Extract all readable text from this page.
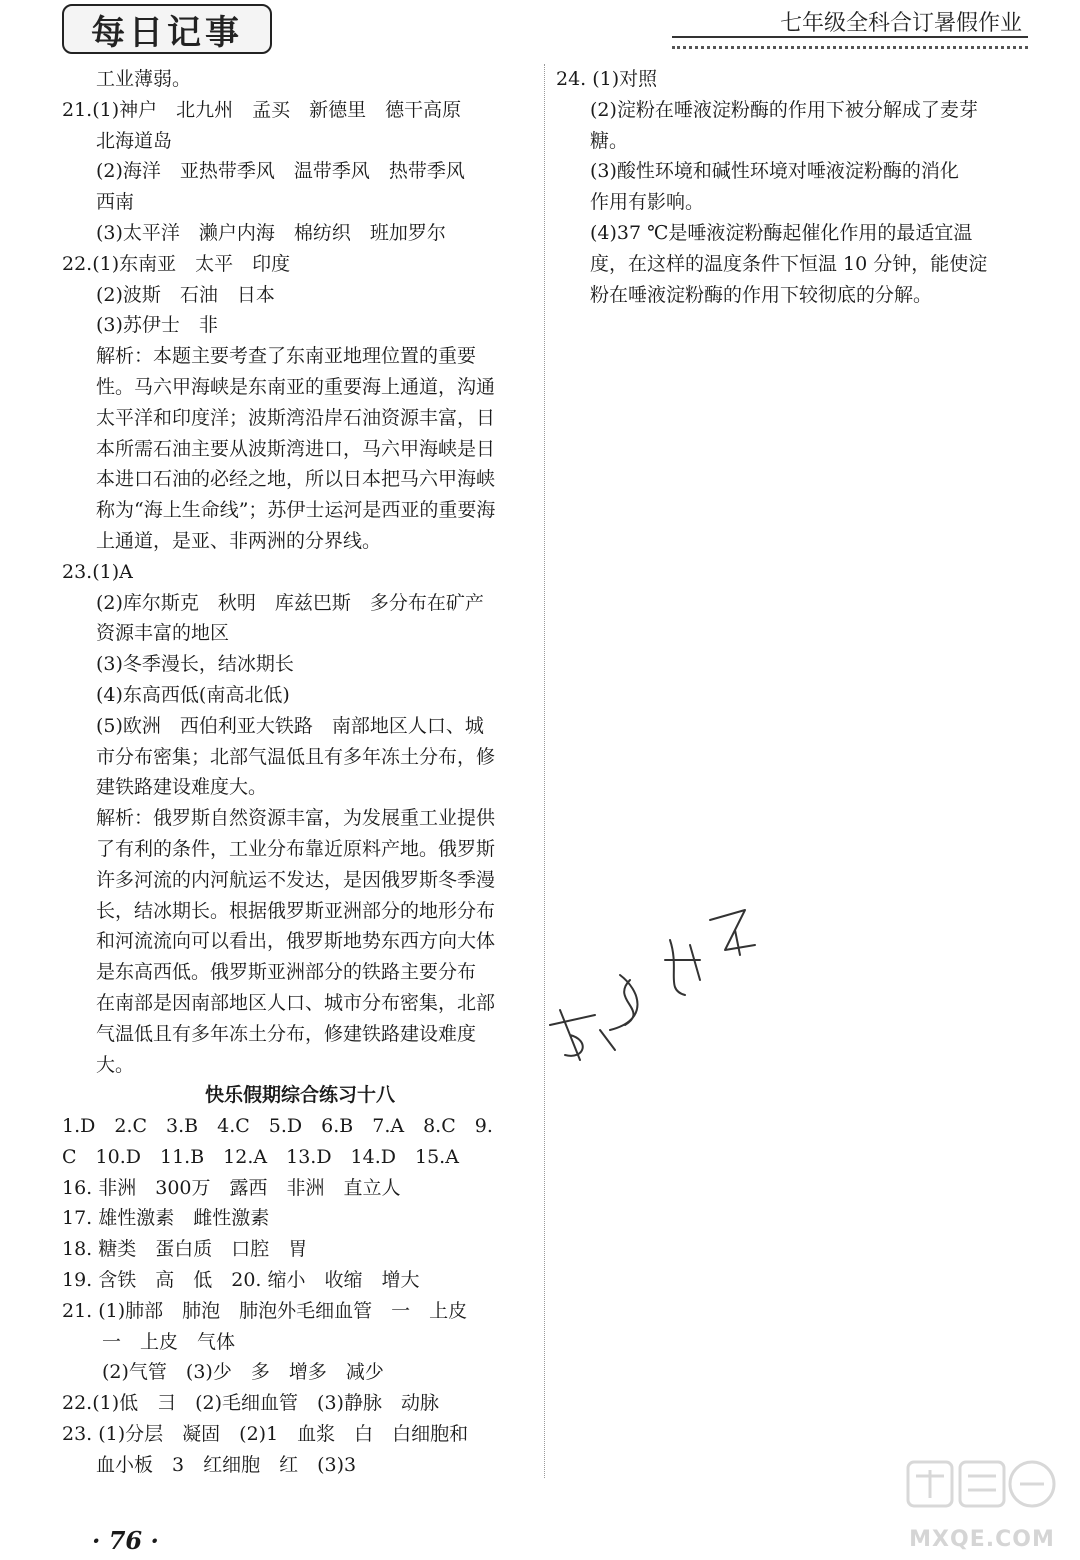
每日记事	七年级全科合订暑假作业
工业薄弱。
21.(1)神户　北九州　孟买　新德里　德干高原
北海道岛
(2)海洋　亚热带季风　温带季风　热带季风
西南
(3)太平洋　濑户内海　棉纺织　班加罗尔
22.(1)东南亚　太平　印度
(2)波斯　石油　日本
(3)苏伊士　非
解析：本题主要考查了东南亚地理位置的重要
性。马六甲海峡是东南亚的重要海上通道，沟通
太平洋和印度洋；波斯湾沿岸石油资源丰富，日
本所需石油主要从波斯湾进口，马六甲海峡是日
本进口石油的必经之地，所以日本把马六甲海峡
称为“海上生命线”；苏伊士运河是西亚的重要海
上通道，是亚、非两洲的分界线。
23.(1)A
(2)库尔斯克　秋明　库兹巴斯　多分布在矿产
资源丰富的地区
(3)冬季漫长，结冰期长
(4)东高西低(南高北低)
(5)欧洲　西伯利亚大铁路　南部地区人口、城
市分布密集；北部气温低且有多年冻土分布，修
建铁路建设难度大。
解析：俄罗斯自然资源丰富，为发展重工业提供
了有利的条件，工业分布靠近原料产地。俄罗斯
许多河流的内河航运不发达，是因俄罗斯冬季漫
长，结冰期长。根据俄罗斯亚洲部分的地形分布
和河流流向可以看出，俄罗斯地势东西方向大体
是东高西低。俄罗斯亚洲部分的铁路主要分布
在南部是因南部地区人口、城市分布密集，北部
气温低且有多年冻土分布，修建铁路建设难度
大。
快乐假期综合练习十八
1.D　2.C　3.B　4.C　5.D　6.B　7.A　8.C　9.
C　10.D　11.B　12.A　13.D　14.D　15.A
16. 非洲　300万　露西　非洲　直立人
17. 雄性激素　雌性激素
18. 糖类　蛋白质　口腔　胃
19. 含铁　高　低　20. 缩小　收缩　增大
21. (1)肺部　肺泡　肺泡外毛细血管　一　上皮
一　上皮　气体
(2)气管　(3)少　多　增多　减少
22.(1)低　彐　(2)毛细血管　(3)静脉　动脉
23. (1)分层　凝固　(2)1　血浆　白　白细胞和
血小板　3　红细胞　红　(3)3
24. (1)对照
(2)淀粉在唾液淀粉酶的作用下被分解成了麦芽
糖。
(3)酸性环境和碱性环境对唾液淀粉酶的消化
作用有影响。
(4)37 ℃是唾液淀粉酶起催化作用的最适宜温
度，在这样的温度条件下恒温 10 分钟，能使淀
粉在唾液淀粉酶的作用下较彻底的分解。
· 76 ·	MXQE.COM
